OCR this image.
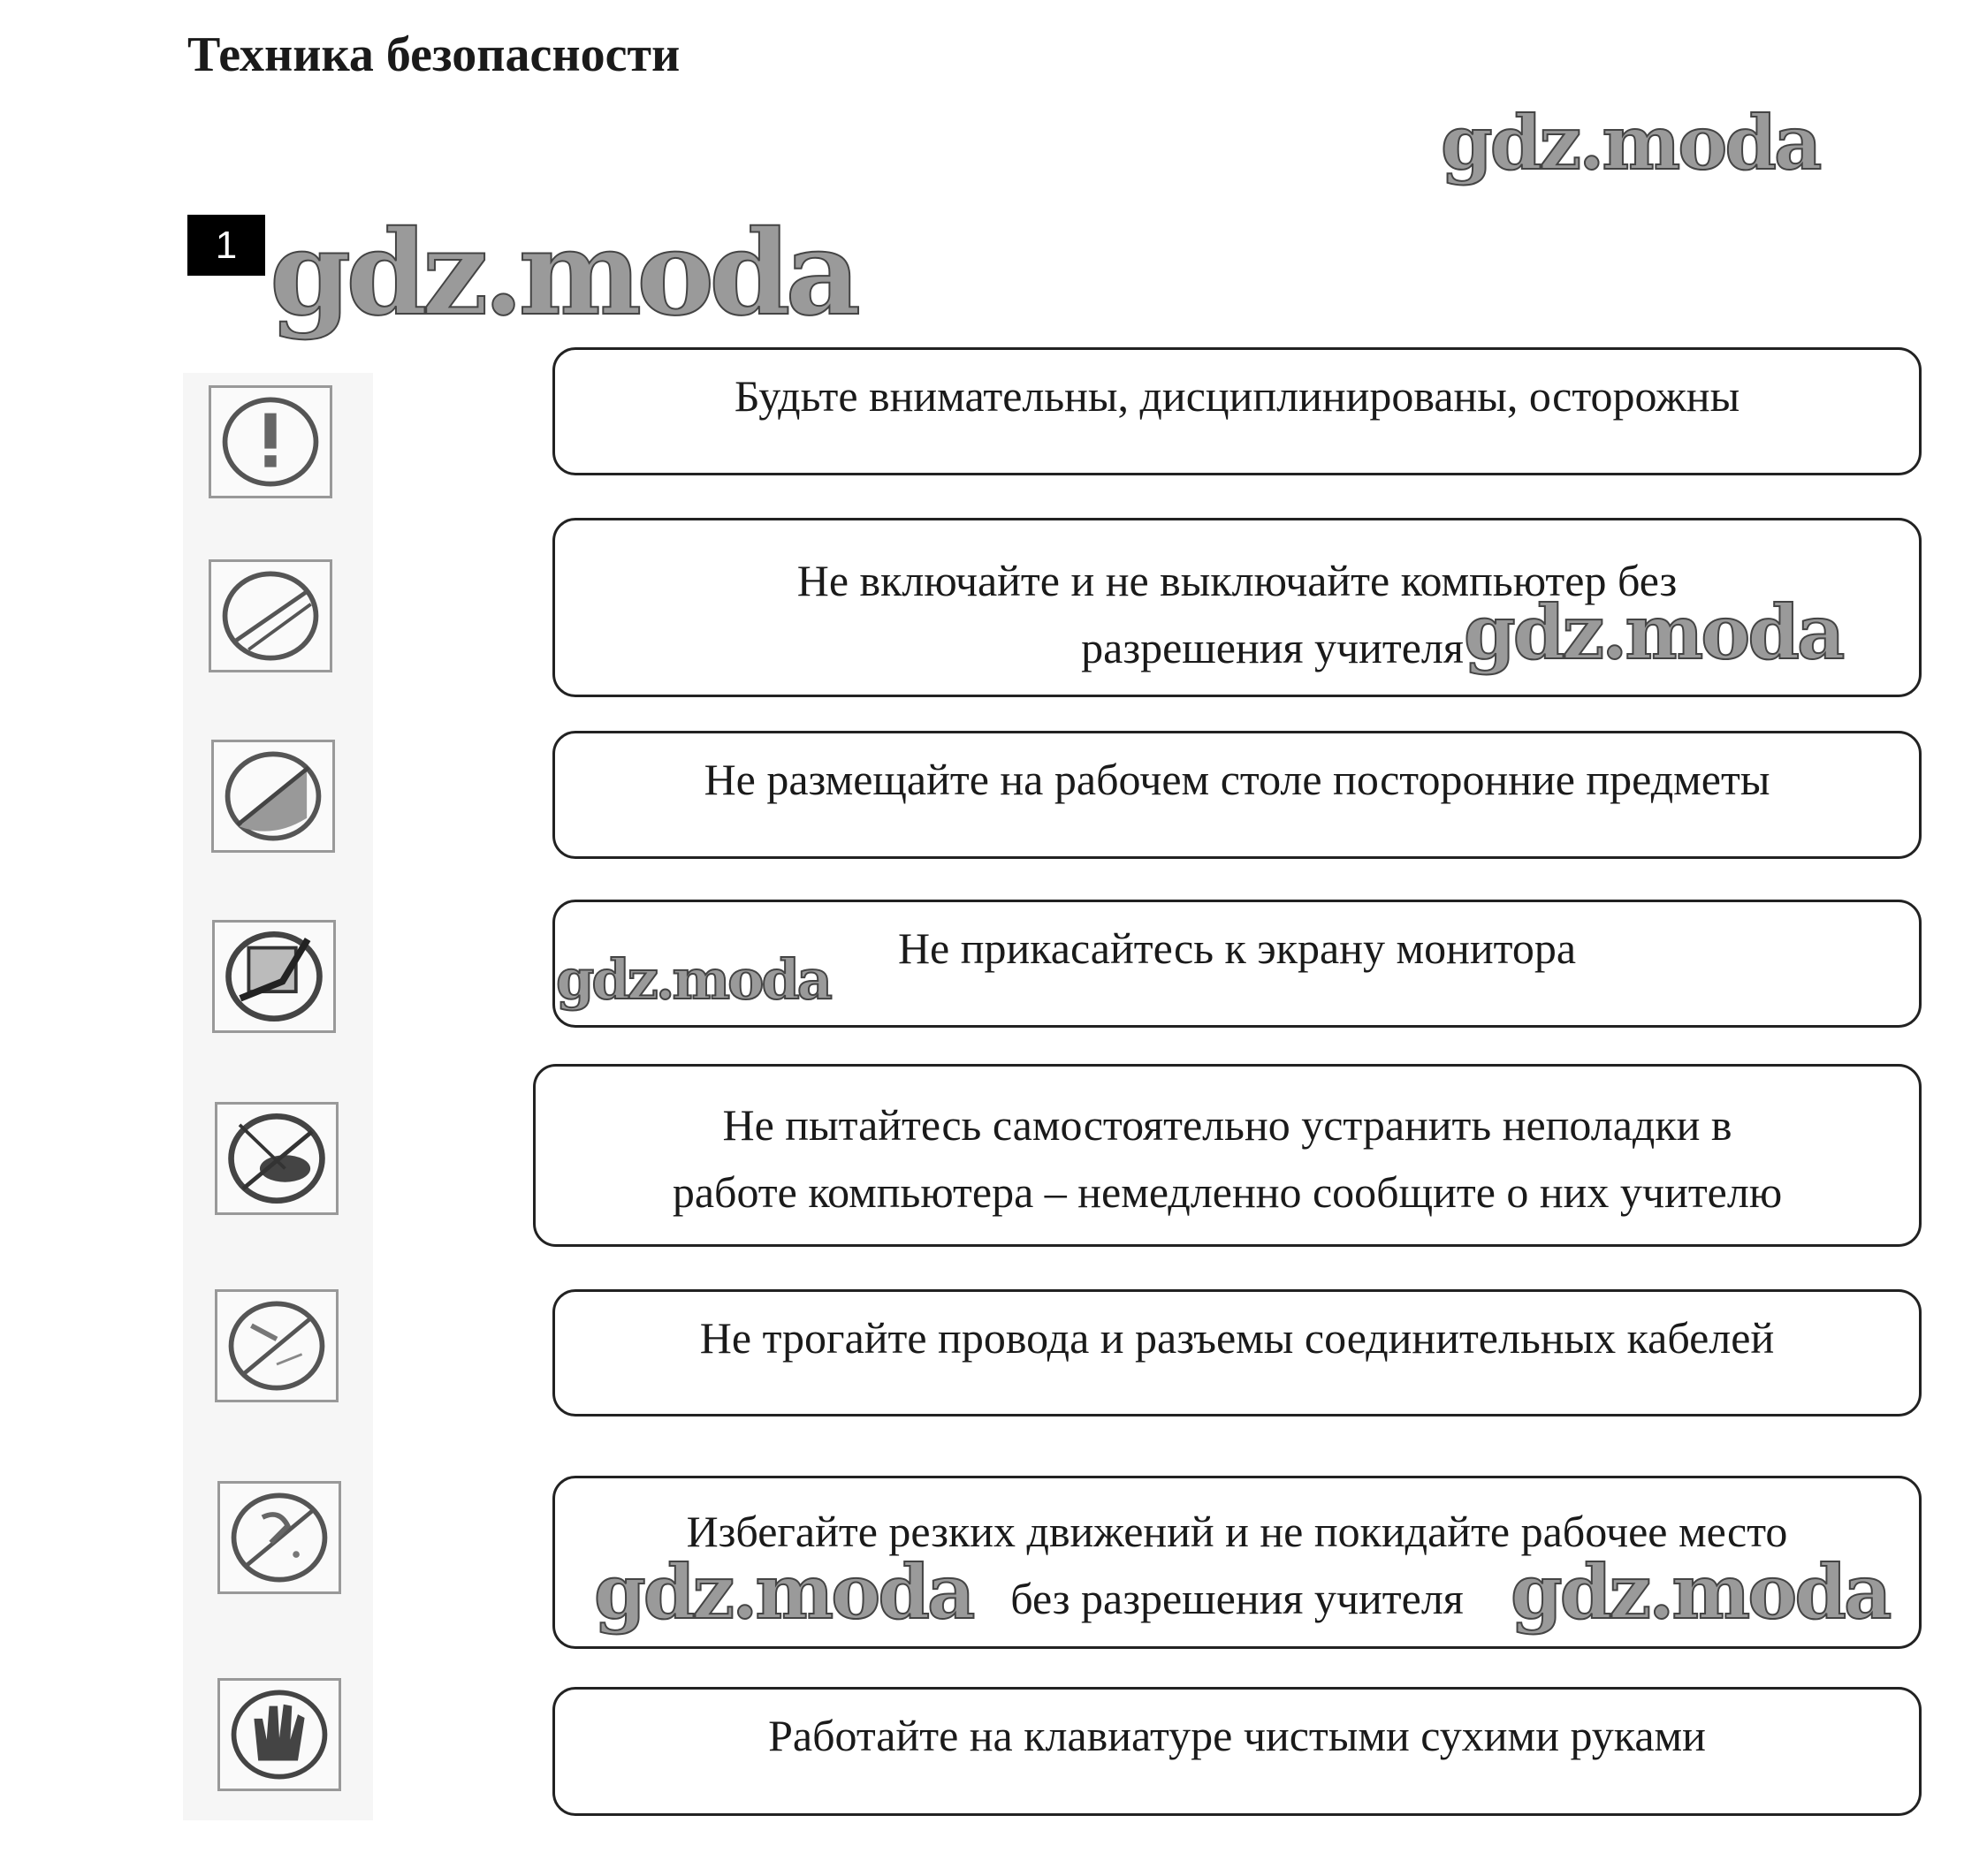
Техника безопасности
1
Будьте внимательны, дисциплинированы, осторожны
Не включайте и не выключайте компьютер без
разрешения учителя
Не размещайте на рабочем столе посторонние предметы
Не прикасайтесь к экрану монитора
Не пытайтесь самостоятельно устранить неполадки в
работе компьютера – немедленно сообщите о них учителю
Не трогайте провода и разъемы соединительных кабелей
Избегайте резких движений и не покидайте рабочее место
без разрешения учителя
Работайте на клавиатуре чистыми сухими руками
gdz.moda
gdz.moda
gdz.moda
gdz.moda
gdz.moda	gdz.moda
